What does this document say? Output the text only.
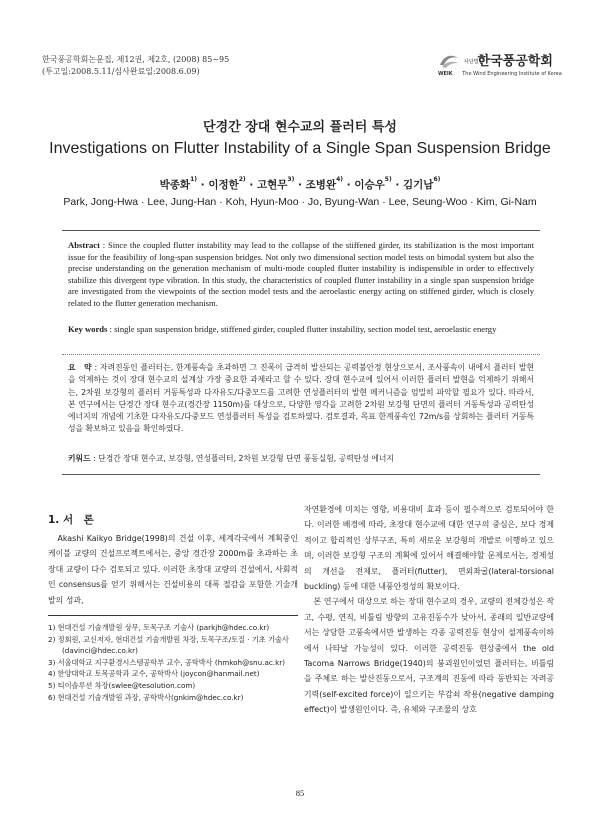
한국풍공학회논문집, 제12권, 제2호, (2008) 85~95
(투고일:2008.5.11/심사완료일:2008.6.09)
사단법인 한국풍공학회
WEIK The Wind Engineering Institute of Korea
단경간 장대 현수교의 플러터 특성
Investigations on Flutter Instability of a Single Span Suspension Bridge
박종화$^{1)}$ · 이정한$^{2)}$ · 고현무$^{3)}$ · 조병완$^{4)}$ · 이승우$^{5)}$ · 김기남$^{6)}$
Park, Jong-Hwa · Lee, Jung-Han · Koh, Hyun-Moo · Jo, Byung-Wan · Lee, Seung-Woo · Kim, Gi-Nam
Abstract : Since the coupled flutter instability may lead to the collapse of the stiffened girder, its stabilization is the most important issue for the feasibility of long-span suspension bridges. Not only two dimensional section model tests on bimodal system but also the precise understanding on the generation mechanism of multi-mode coupled flutter instability is indispensible in order to effectively stabilize this divergent type vibration. In this study, the characteristics of coupled flutter instability in a single span suspension bridge are investigated from the viewpoints of the section model tests and the aeroelastic energy acting on stiffened girder, which is closely related to the flutter generation mechanism.
Key words : single span suspension bridge, stiffened girder, coupled flutter instability, section model test, aeroelastic energy
요　약 : 자려진동인 플러터는, 한계풍속을 초과하면 그 진폭이 급격히 발산되는 공력불안정 현상으로서, 조사풍속이 내에서 플러터 발현을 억제하는 것이 장대 현수교의 설계상 가장 중요한 과제라고 할 수 있다. 장대 현수교에 있어서 이러한 플러터 발현을 억제하기 위해서는, 2차원 보강형의 플러터 거동특성과 다자유도/다중모드를 고려한 연성플러터의 발현 메커니즘을 엄밀히 파악할 필요가 있다. 따라서, 본 연구에서는 단경간 장대 현수교(경간장 1150m)를 대상으로, 다양한 영각을 고려한 2차원 보강형 단면의 플러터 거동특성과 공력탄성 에너지의 개념에 기초한 다자유도/다중모드 연성플러터 특성을 검토하였다. 검토결과, 목표 한계풍속인 72m/s를 상회하는 플러터 거동특성을 확보하고 있음을 확인하였다.
키워드 : 단경간 장대 현수교, 보강형, 연성플러터, 2차원 보강형 단면 풍동실험, 공력탄성 에너지
1. 서　론
Akashi Kaikyo Bridge(1998)의 건설 이후, 세계각국에서 계획중인 케이블 교량의 건설프로젝트에서는, 중앙 경간장 2000m를 초과하는 초장대 교량이 다수 검토되고 있다. 이러한 초장대 교량의 건설에서, 사회적인 consensus를 얻기 위해서는 건설비용의 대폭 절감을 포함한 기술개발의 성과,

자연환경에 미치는 영향, 비용대비 효과 등이 필수적으로 검토되어야 한다. 이러한 배경에 따라, 초장대 현수교에 대한 연구의 중심은, 보다 경제적이고 합리적인 상부구조, 특히 새로운 보강형의 개발로 이행하고 있으며, 이러한 보강형 구조의 계획에 있어서 해결해야할 문제로서는, 경제성의 개선을 전제로, 플러터(flutter), 면외좌굴(lateral-torsional buckling) 등에 대한 내풍안정성의 확보이다.

본 연구에서 대상으로 하는 장대 현수교의 경우, 교량의 전체강성은 작고, 수평, 연직, 비틀림 방향의 고유진동수가 낮아서, 종래의 일반교량에서는 상당한 고풍속에서만 발생하는 각종 공력진동 현상이 설계풍속이하에서 나타날 가능성이 있다. 이러한 공력진동 현상중에서 the old Tacoma Narrows Bridge(1940)의 붕괴원인이었던 플러터는, 비틀림을 주체로 하는 발산진동으로서, 구조계의 진동에 따라 동반되는 자려공기력(self-excited force)이 일으키는 부감쇠 작용(negative damping effect)이 발생원인이다. 즉, 유체와 구조물의 상호

1) 현대건설 기술개발원 상무, 토목구조 기술사 (parkjh@hdec.co.kr)
2) 정회원, 교신저자, 현대건설 기술개발원 차장, 토목구조/토질 · 기초 기술사(davinci@hdec.co.kr)
3) 서울대학교 지구환경시스템공학부 교수, 공학박사 (hmkoh@snu.ac.kr)
4) 한양대학교 토목공학과 교수, 공학박사 (joycon@hanmail.net)
5) 티이솔루션 차장(swlee@tesolution.com)
6) 현대건설 기술개발원 과장, 공학박사(gnkim@hdec.co.kr)
85
